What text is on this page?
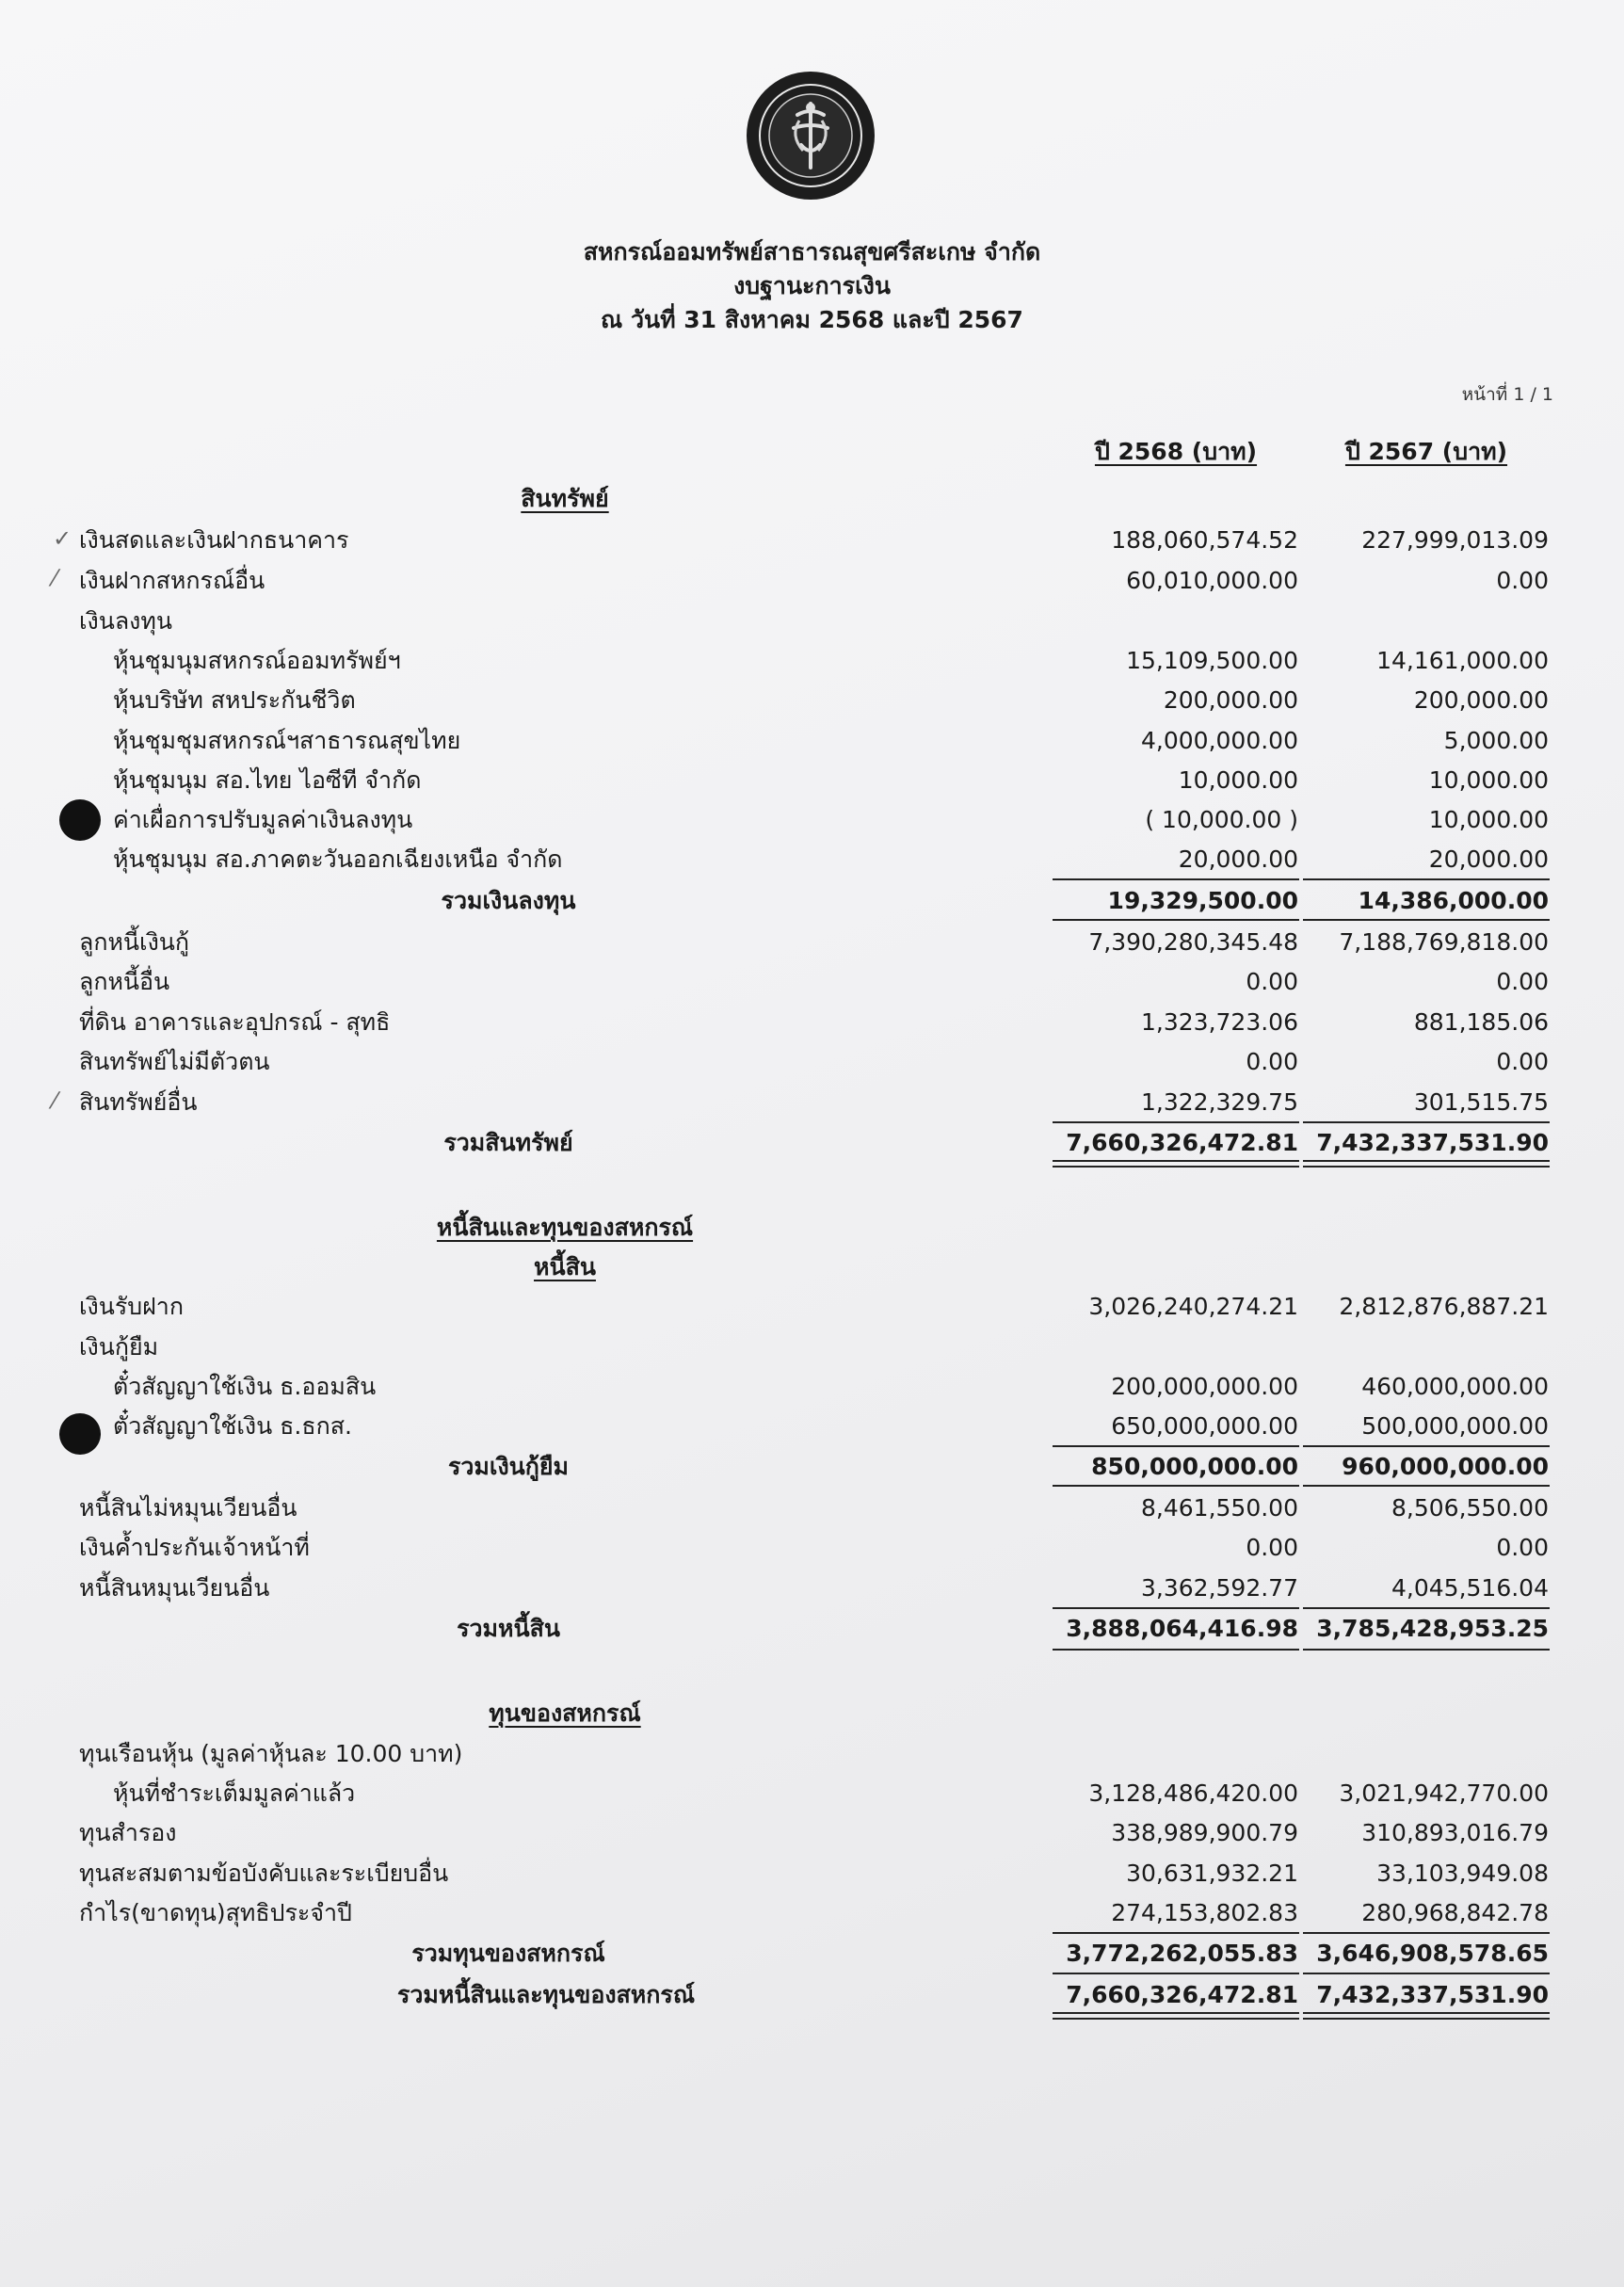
สหกรณ์ออมทรัพย์สาธารณสุขศรีสะเกษ จำกัด
งบฐานะการเงิน
ณ วันที่ 31 สิงหาคม 2568 และปี 2567
หน้าที่ 1 / 1
ปี 2568 (บาท)	ปี 2567 (บาท)
สินทรัพย์
✓ เงินสดและเงินฝากธนาคาร	188,060,574.52	227,999,013.09
⁄ เงินฝากสหกรณ์อื่น	60,010,000.00	0.00
เงินลงทุน
หุ้นชุมนุมสหกรณ์ออมทรัพย์ฯ	15,109,500.00	14,161,000.00
หุ้นบริษัท สหประกันชีวิต	200,000.00	200,000.00
หุ้นชุมชุมสหกรณ์ฯสาธารณสุขไทย	4,000,000.00	5,000.00
หุ้นชุมนุม สอ.ไทย ไอซีที จำกัด	10,000.00	10,000.00
ค่าเผื่อการปรับมูลค่าเงินลงทุน	( 10,000.00 )	10,000.00
หุ้นชุมนุม สอ.ภาคตะวันออกเฉียงเหนือ จำกัด	20,000.00	20,000.00
รวมเงินลงทุน	19,329,500.00	14,386,000.00
ลูกหนี้เงินกู้	7,390,280,345.48	7,188,769,818.00
ลูกหนี้อื่น	0.00	0.00
ที่ดิน อาคารและอุปกรณ์ - สุทธิ	1,323,723.06	881,185.06
สินทรัพย์ไม่มีตัวตน	0.00	0.00
⁄ สินทรัพย์อื่น	1,322,329.75	301,515.75
รวมสินทรัพย์	7,660,326,472.81 7,432,337,531.90
หนี้สินและทุนของสหกรณ์
หนี้สิน
เงินรับฝาก	3,026,240,274.21	2,812,876,887.21
เงินกู้ยืม
ตั๋วสัญญาใช้เงิน ธ.ออมสิน	200,000,000.00	460,000,000.00
ตั๋วสัญญาใช้เงิน ธ.ธกส.	650,000,000.00	500,000,000.00
รวมเงินกู้ยืม	850,000,000.00	960,000,000.00
หนี้สินไม่หมุนเวียนอื่น	8,461,550.00	8,506,550.00
เงินค้ำประกันเจ้าหน้าที่	0.00	0.00
หนี้สินหมุนเวียนอื่น	3,362,592.77	4,045,516.04
รวมหนี้สิน	3,888,064,416.98 3,785,428,953.25
ทุนของสหกรณ์
ทุนเรือนหุ้น (มูลค่าหุ้นละ 10.00 บาท)
หุ้นที่ชำระเต็มมูลค่าแล้ว	3,128,486,420.00	3,021,942,770.00
ทุนสำรอง	338,989,900.79	310,893,016.79
ทุนสะสมตามข้อบังคับและระเบียบอื่น	30,631,932.21	33,103,949.08
กำไร(ขาดทุน)สุทธิประจำปี	274,153,802.83	280,968,842.78
รวมทุนของสหกรณ์	3,772,262,055.83 3,646,908,578.65
รวมหนี้สินและทุนของสหกรณ์	7,660,326,472.81 7,432,337,531.90
